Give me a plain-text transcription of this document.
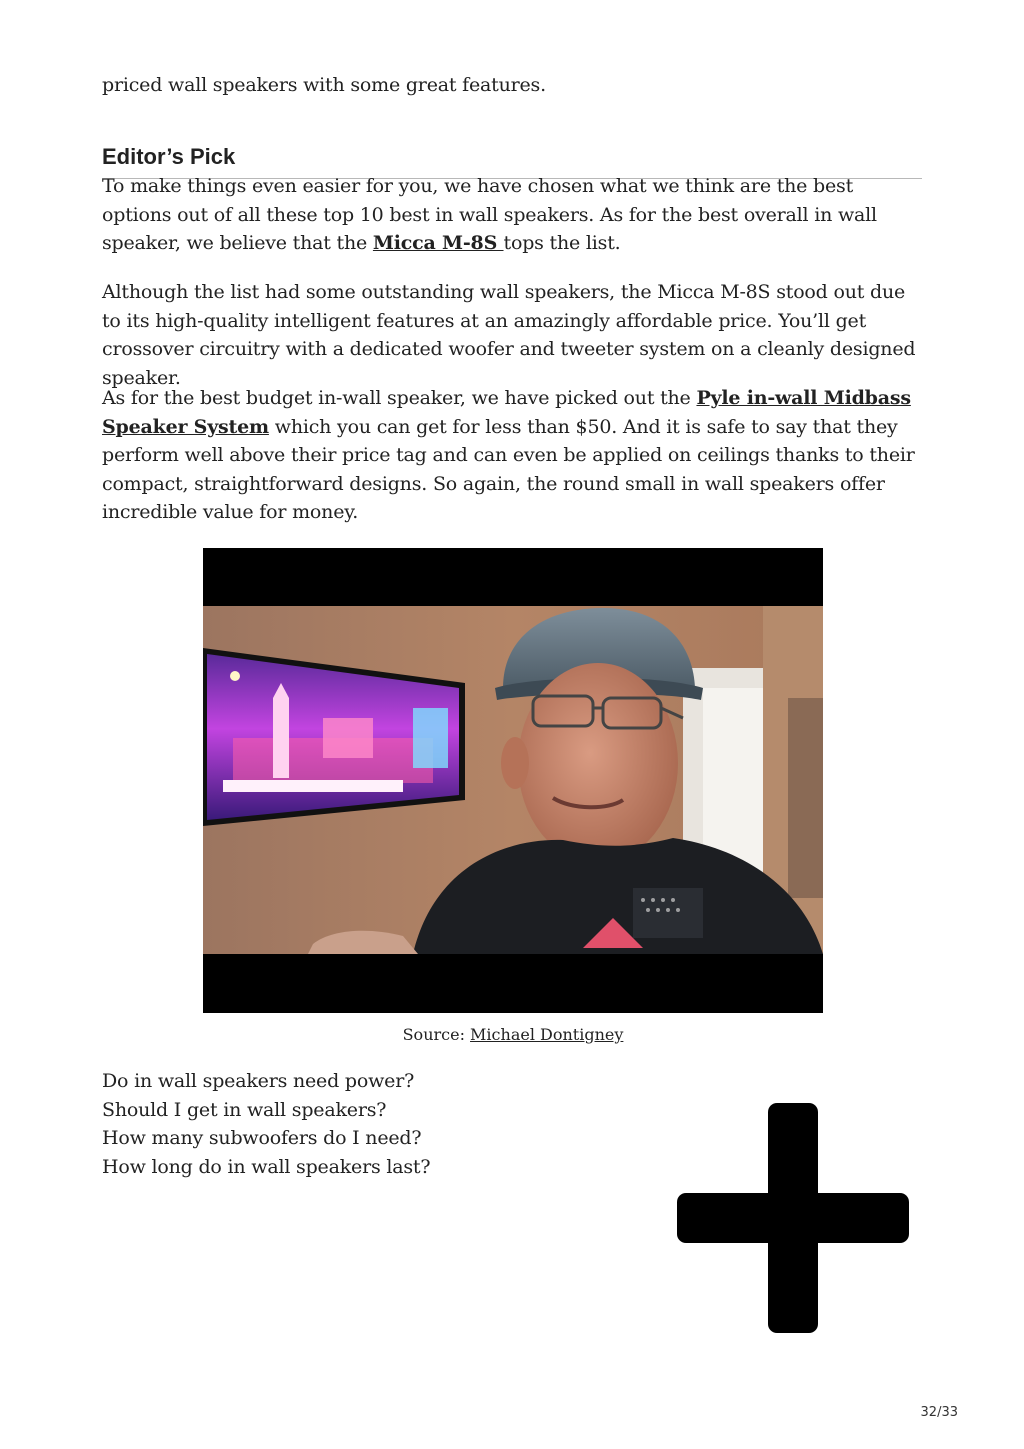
priced wall speakers with some great features.

Editor’s Pick

To make things even easier for you, we have chosen what we think are the best options out of all these top 10 best in wall speakers. As for the best overall in wall speaker, we believe that the Micca M-8S tops the list.

Although the list had some outstanding wall speakers, the Micca M-8S stood out due to its high-quality intelligent features at an amazingly affordable price. You’ll get crossover circuitry with a dedicated woofer and tweeter system on a cleanly designed speaker.

As for the best budget in-wall speaker, we have picked out the Pyle in-wall Midbass Speaker System which you can get for less than $50. And it is safe to say that they perform well above their price tag and can even be applied on ceilings thanks to their compact, straightforward designs. So again, the round small in wall speakers offer incredible value for money.

Source: Michael Dontigney
Do in wall speakers need power?
Should I get in wall speakers?
How many subwoofers do I need?
How long do in wall speakers last?
32/33
